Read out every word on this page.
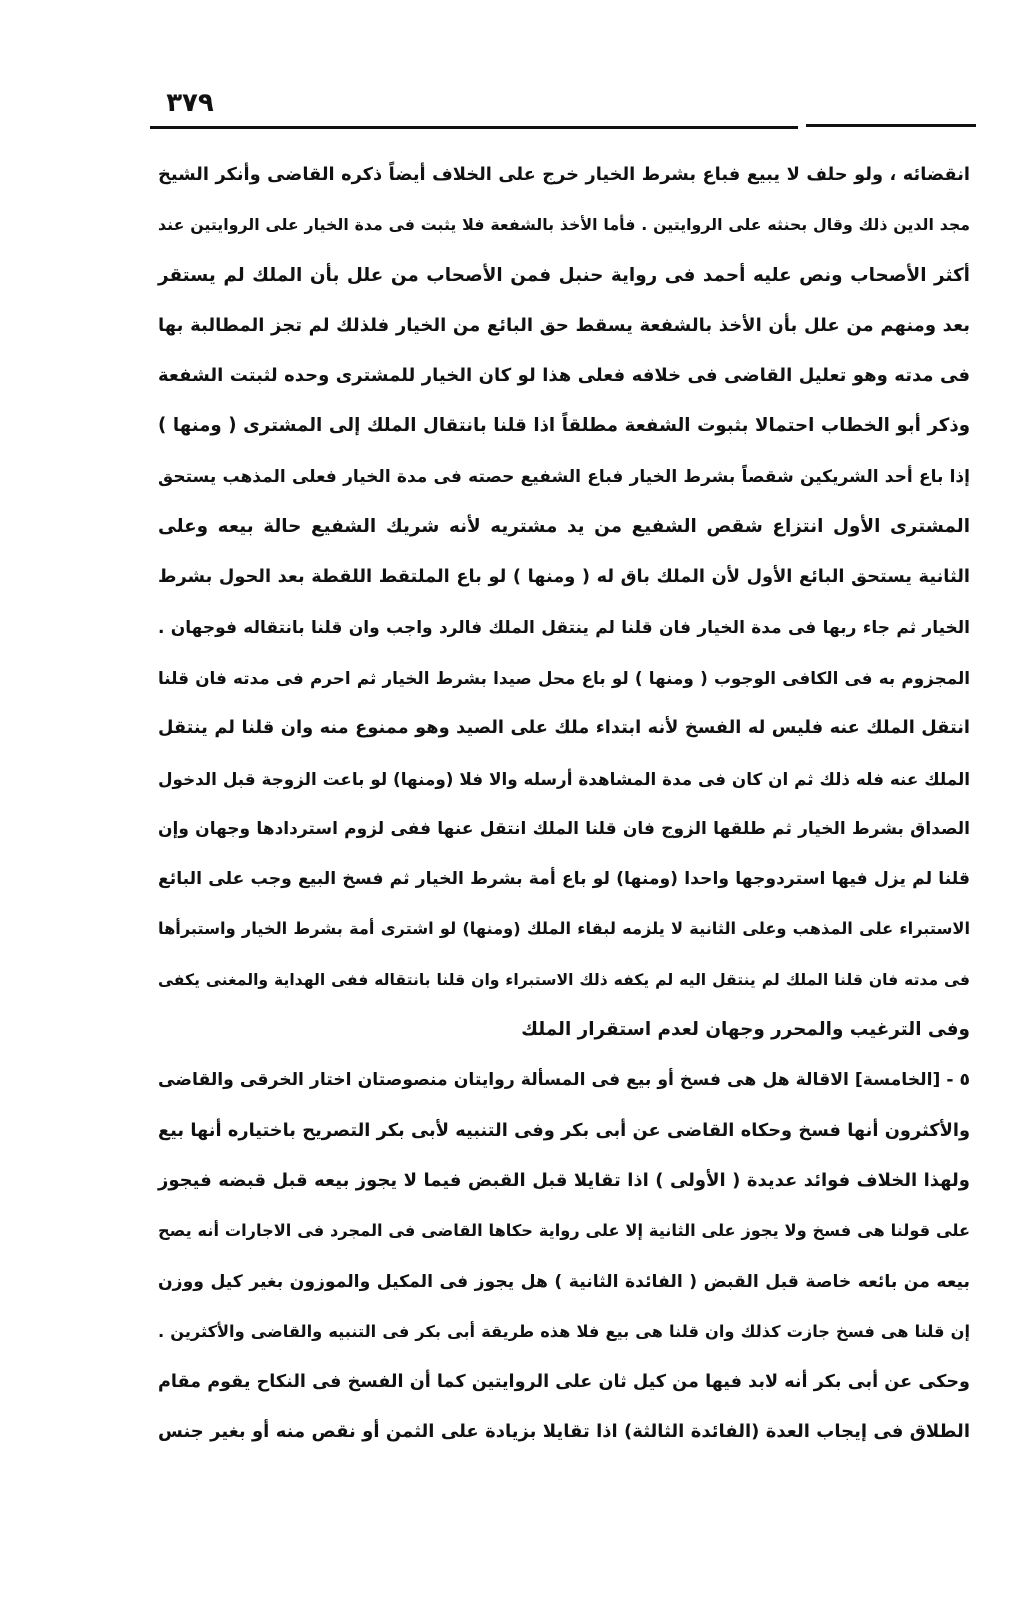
٣٧٩
انقضائه ، ولو حلف لا يبيع فباع بشرط الخيار خرج على الخلاف أيضاً ذكره القاضى وأنكر الشيخ
مجد الدين ذلك وقال بحنثه على الروايتين . فأما الأخذ بالشفعة فلا يثبت فى مدة الخيار على الروايتين عند
أكثر الأصحاب ونص عليه أحمد فى رواية حنبل فمن الأصحاب من علل بأن الملك لم يستقر
بعد ومنهم من علل بأن الأخذ بالشفعة يسقط حق البائع من الخيار فلذلك لم تجز المطالبة بها
فى مدته وهو تعليل القاضى فى خلافه فعلى هذا لو كان الخيار للمشترى وحده لثبتت الشفعة
وذكر أبو الخطاب احتمالا بثبوت الشفعة مطلقاً اذا قلنا بانتقال الملك إلى المشترى ( ومنها )
إذا باع أحد الشريكين شقصاً بشرط الخيار فباع الشفيع حصته فى مدة الخيار فعلى المذهب يستحق
المشترى الأول انتزاع شقص الشفيع من يد مشتريه لأنه شريك الشفيع حالة بيعه وعلى
الثانية يستحق البائع الأول لأن الملك باق له ( ومنها ) لو باع الملتقط اللقطة بعد الحول بشرط
الخيار ثم جاء ربها فى مدة الخيار فان قلنا لم ينتقل الملك فالرد واجب وان قلنا بانتقاله فوجهان .
المجزوم به فى الكافى الوجوب ( ومنها ) لو باع محل صيدا بشرط الخيار ثم احرم فى مدته فان قلنا
انتقل الملك عنه فليس له الفسخ لأنه ابتداء ملك على الصيد وهو ممنوع منه وان قلنا لم ينتقل
الملك عنه فله ذلك ثم ان كان فى مدة المشاهدة أرسله والا فلا (ومنها) لو باعت الزوجة قبل الدخول
الصداق بشرط الخيار ثم طلقها الزوج فان قلنا الملك انتقل عنها ففى لزوم استردادها وجهان وإن
قلنا لم يزل فيها استردوجها واحدا (ومنها) لو باع أمة بشرط الخيار ثم فسخ البيع وجب على البائع
الاستبراء على المذهب وعلى الثانية لا يلزمه لبقاء الملك (ومنها) لو اشترى أمة بشرط الخيار واستبرأها
فى مدته فان قلنا الملك لم ينتقل اليه لم يكفه ذلك الاستبراء وان قلنا بانتقاله ففى الهداية والمغنى يكفى
وفى الترغيب والمحرر وجهان لعدم استقرار الملك
٥ - [الخامسة] الاقالة هل هى فسخ أو بيع فى المسألة روايتان منصوصتان اختار الخرقى والقاضى
والأكثرون أنها فسخ وحكاه القاضى عن أبى بكر وفى التنبيه لأبى بكر التصريح باختياره أنها بيع
ولهذا الخلاف فوائد عديدة ( الأولى ) اذا تقايلا قبل القبض فيما لا يجوز بيعه قبل قبضه فيجوز
على قولنا هى فسخ ولا يجوز على الثانية إلا على رواية حكاها القاضى فى المجرد فى الاجارات أنه يصح
بيعه من بائعه خاصة قبل القبض ( الفائدة الثانية ) هل يجوز فى المكيل والموزون بغير كيل ووزن
إن قلنا هى فسخ جازت كذلك وان قلنا هى بيع فلا هذه طريقة أبى بكر فى التنبيه والقاضى والأكثرين .
وحكى عن أبى بكر أنه لابد فيها من كيل ثان على الروايتين كما أن الفسخ فى النكاح يقوم مقام
الطلاق فى إيجاب العدة (الفائدة الثالثة) اذا تقايلا بزيادة على الثمن أو نقص منه أو بغير جنس
